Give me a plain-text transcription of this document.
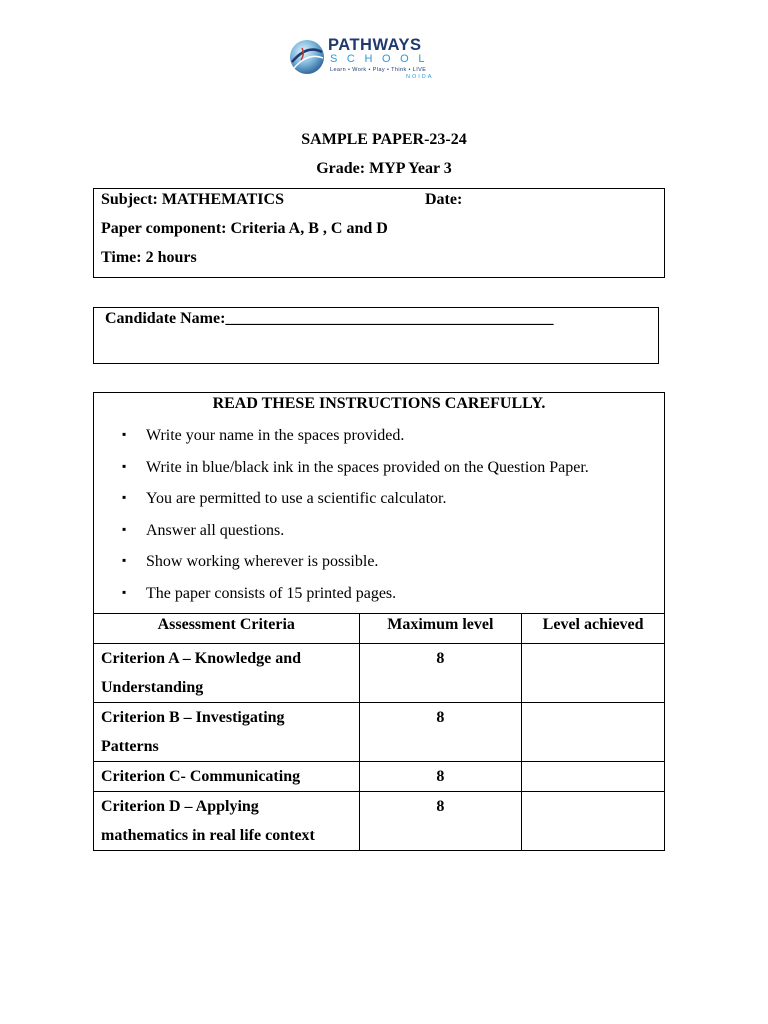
PATHWAYS
SCHOOL
Learn • Work • Play • Think • LIVE
NOIDA
SAMPLE PAPER-23-24
Grade: MYP Year 3
Subject: MATHEMATICS	Date:
Paper component: Criteria A, B , C and D
Time: 2 hours
Candidate Name:_________________________________________
READ THESE INSTRUCTIONS CAREFULLY.
▪ Write your name in the spaces provided.
▪ Write in blue/black ink in the spaces provided on the Question Paper.
▪ You are permitted to use a scientific calculator.
▪ Answer all questions.
▪ Show working wherever is possible.
▪ The paper consists of 15 printed pages.
Assessment Criteria	Maximum level	Level achieved

Criterion A – Knowledge and
Understanding	8	

Criterion B – Investigating
Patterns	8	

Criterion C- Communicating	8	

Criterion D – Applying
mathematics in real life context	8	
